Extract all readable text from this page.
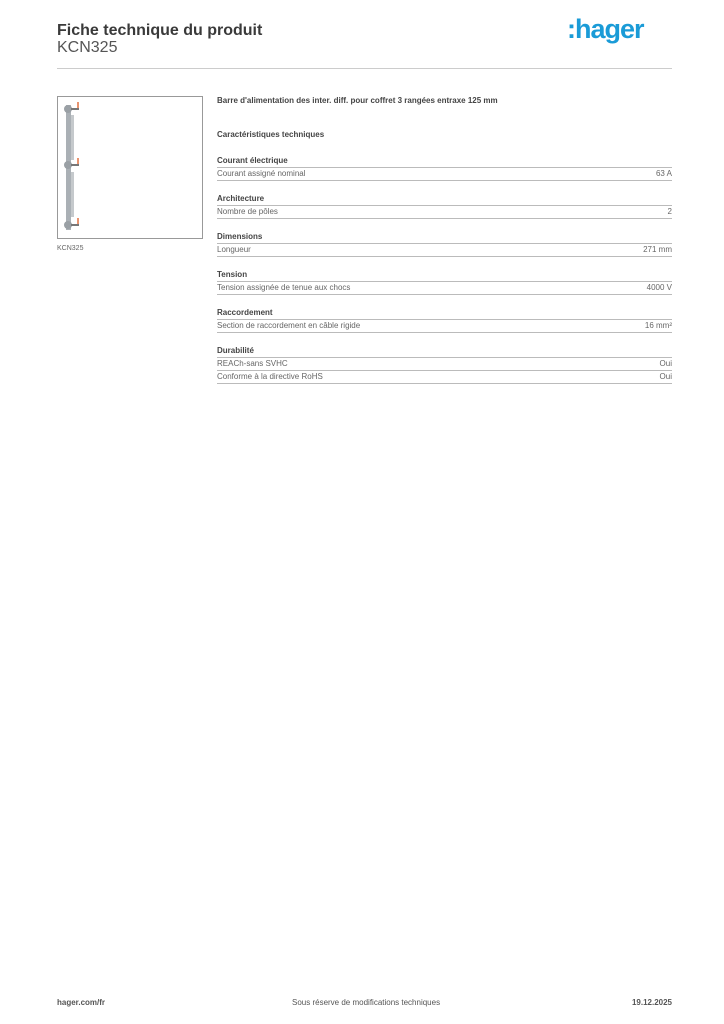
Fiche technique du produit
KCN325
:hager
KCN325
Barre d'alimentation des inter. diff. pour coffret 3 rangées entraxe 125 mm
Caractéristiques techniques
Courant électrique
Courant assigné nominal	63 A
Architecture
Nombre de pôles	2
Dimensions
Longueur	271 mm
Tension
Tension assignée de tenue aux chocs	4000 V
Raccordement
Section de raccordement en câble rigide	16 mm²
Durabilité
REACh-sans SVHC	Oui
Conforme à la directive RoHS	Oui
hager.com/fr	Sous réserve de modifications techniques	19.12.2025
